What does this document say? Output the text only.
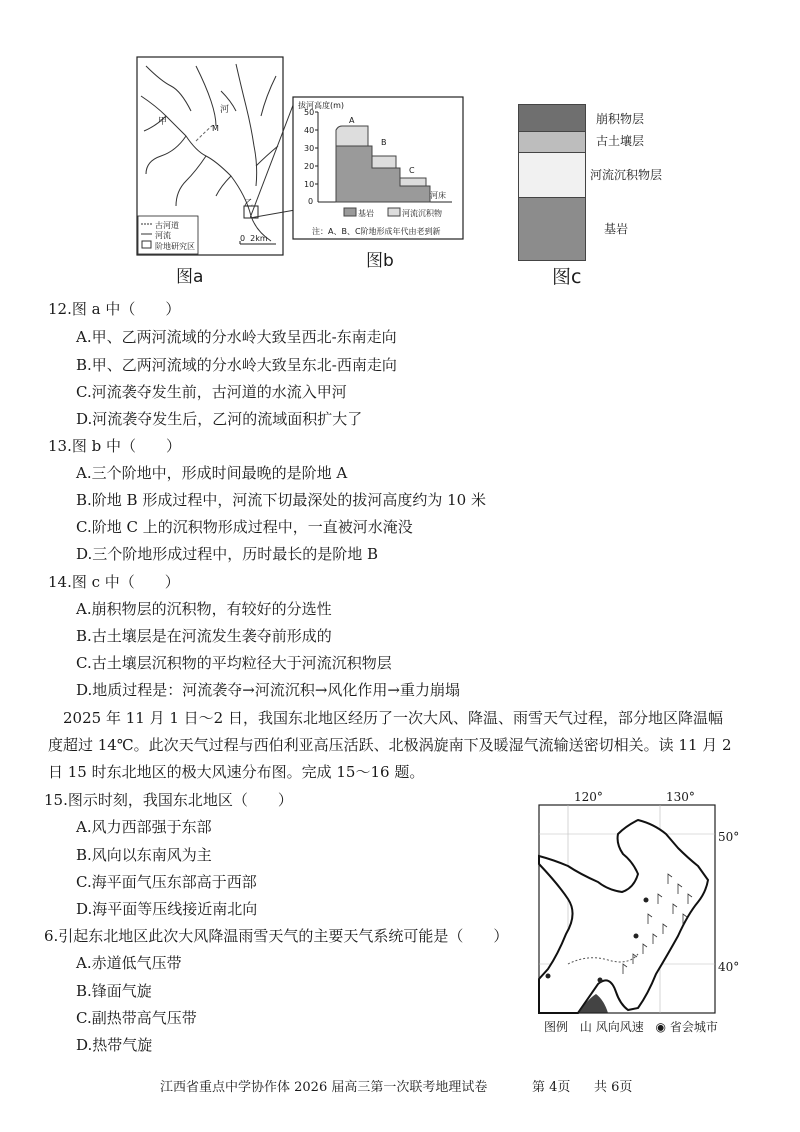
甲
乙
河
M
古河道
河流
阶地研究区
0  2km
图a
拔河高度(m)
50
40
30
20
10
0
A
B
C
河床
基岩	河流沉积物
注：A、B、C阶地形成年代由老到新
图b
崩积物层
古土壤层
河流沉积物层
基岩
图c
12.图 a 中（　　）
A.甲、乙两河流域的分水岭大致呈西北-东南走向
B.甲、乙两河流域的分水岭大致呈东北-西南走向
C.河流袭夺发生前，古河道的水流入甲河
D.河流袭夺发生后，乙河的流域面积扩大了
13.图 b 中（　　）
A.三个阶地中，形成时间最晚的是阶地 A
B.阶地 B 形成过程中，河流下切最深处的拔河高度约为 10 米
C.阶地 C 上的沉积物形成过程中，一直被河水淹没
D.三个阶地形成过程中，历时最长的是阶地 B
14.图 c 中（　　）
A.崩积物层的沉积物，有较好的分选性
B.古土壤层是在河流发生袭夺前形成的
C.古土壤层沉积物的平均粒径大于河流沉积物层
D.地质过程是：河流袭夺→河流沉积→风化作用→重力崩塌
　2025 年 11 月 1 日～2 日，我国东北地区经历了一次大风、降温、雨雪天气过程，部分地区降温幅
度超过 14℃。此次天气过程与西伯利亚高压活跃、北极涡旋南下及暖湿气流输送密切相关。读 11 月 2
日 15 时东北地区的极大风速分布图。完成 15～16 题。
15.图示时刻，我国东北地区（　　）
A.风力西部强于东部
B.风向以东南风为主
C.海平面气压东部高于西部
D.海平面等压线接近南北向
6.引起东北地区此次大风降温雨雪天气的主要天气系统可能是（　　）
A.赤道低气压带
B.锋面气旋
C.副热带高气压带
D.热带气旋
120°	130°
50°
40°
图例 山 风向风速 ◉ 省会城市
江西省重点中学协作体 2026 届高三第一次联考地理试卷	第 4页 共 6页
